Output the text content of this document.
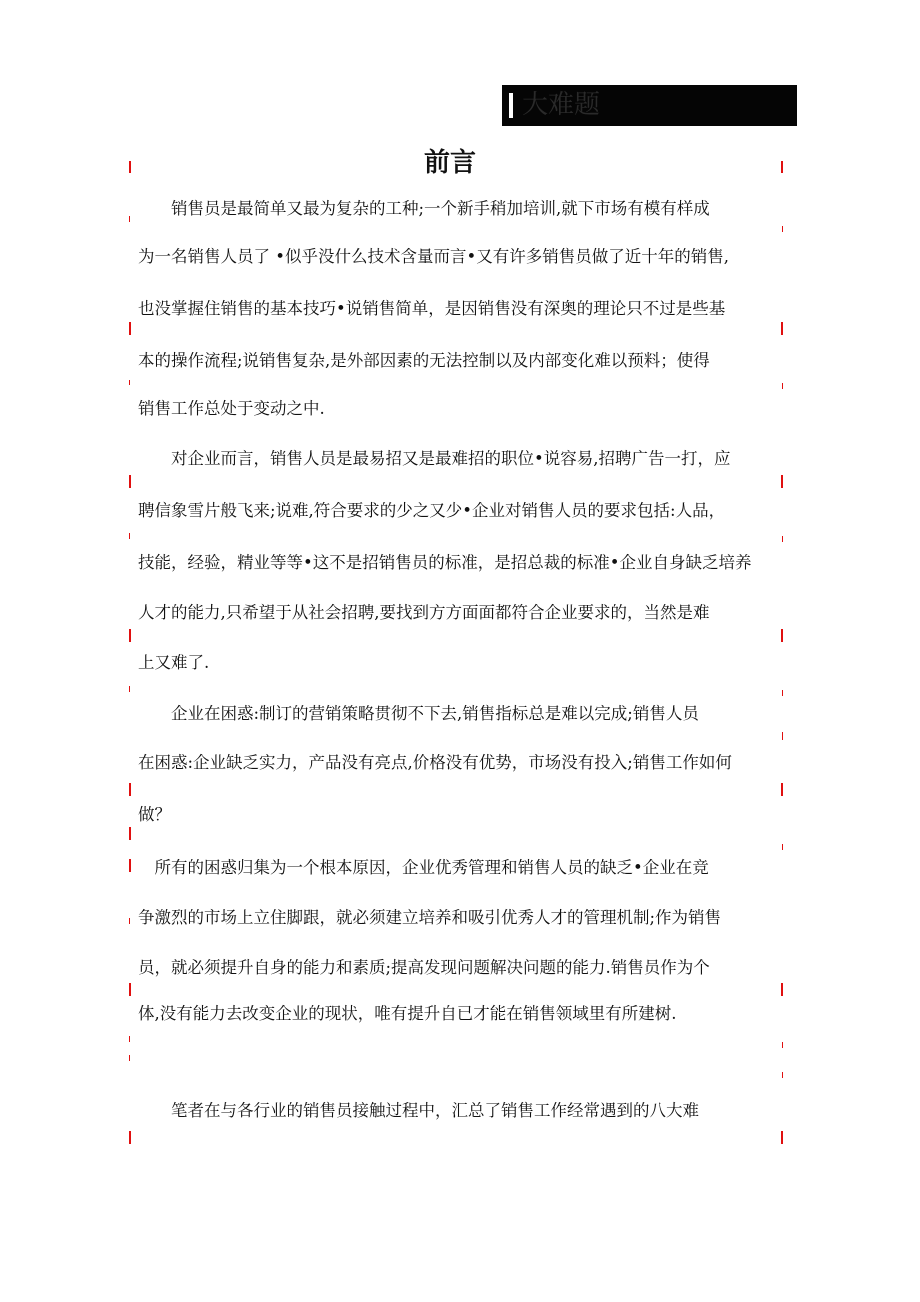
大难题
前言
　　销售员是最简单又最为复杂的工种;一个新手稍加培训,就下市场有模有样成
为一名销售人员了 •似乎没什么技术含量而言•又有许多销售员做了近十年的销售,
也没掌握住销售的基本技巧•说销售简单，是因销售没有深奥的理论只不过是些基
本的操作流程;说销售复杂,是外部因素的无法控制以及内部变化难以预料；使得
销售工作总处于变动之中.
　　对企业而言，销售人员是最易招又是最难招的职位•说容易,招聘广告一打，应
聘信象雪片般飞来;说难,符合要求的少之又少•企业对销售人员的要求包括:人品，
技能，经验，精业等等•这不是招销售员的标准，是招总裁的标准•企业自身缺乏培养
人才的能力,只希望于从社会招聘,要找到方方面面都符合企业要求的，当然是难
上又难了.
　　企业在困惑:制订的营销策略贯彻不下去,销售指标总是难以完成;销售人员
在困惑:企业缺乏实力，产品没有亮点,价格没有优势，市场没有投入;销售工作如何
做？
　所有的困惑归集为一个根本原因，企业优秀管理和销售人员的缺乏•企业在竞
争激烈的市场上立住脚跟，就必须建立培养和吸引优秀人才的管理机制;作为销售
员，就必须提升自身的能力和素质;提高发现问题解决问题的能力.销售员作为个
体,没有能力去改变企业的现状，唯有提升自已才能在销售领域里有所建树.
　　笔者在与各行业的销售员接触过程中，汇总了销售工作经常遇到的八大难
